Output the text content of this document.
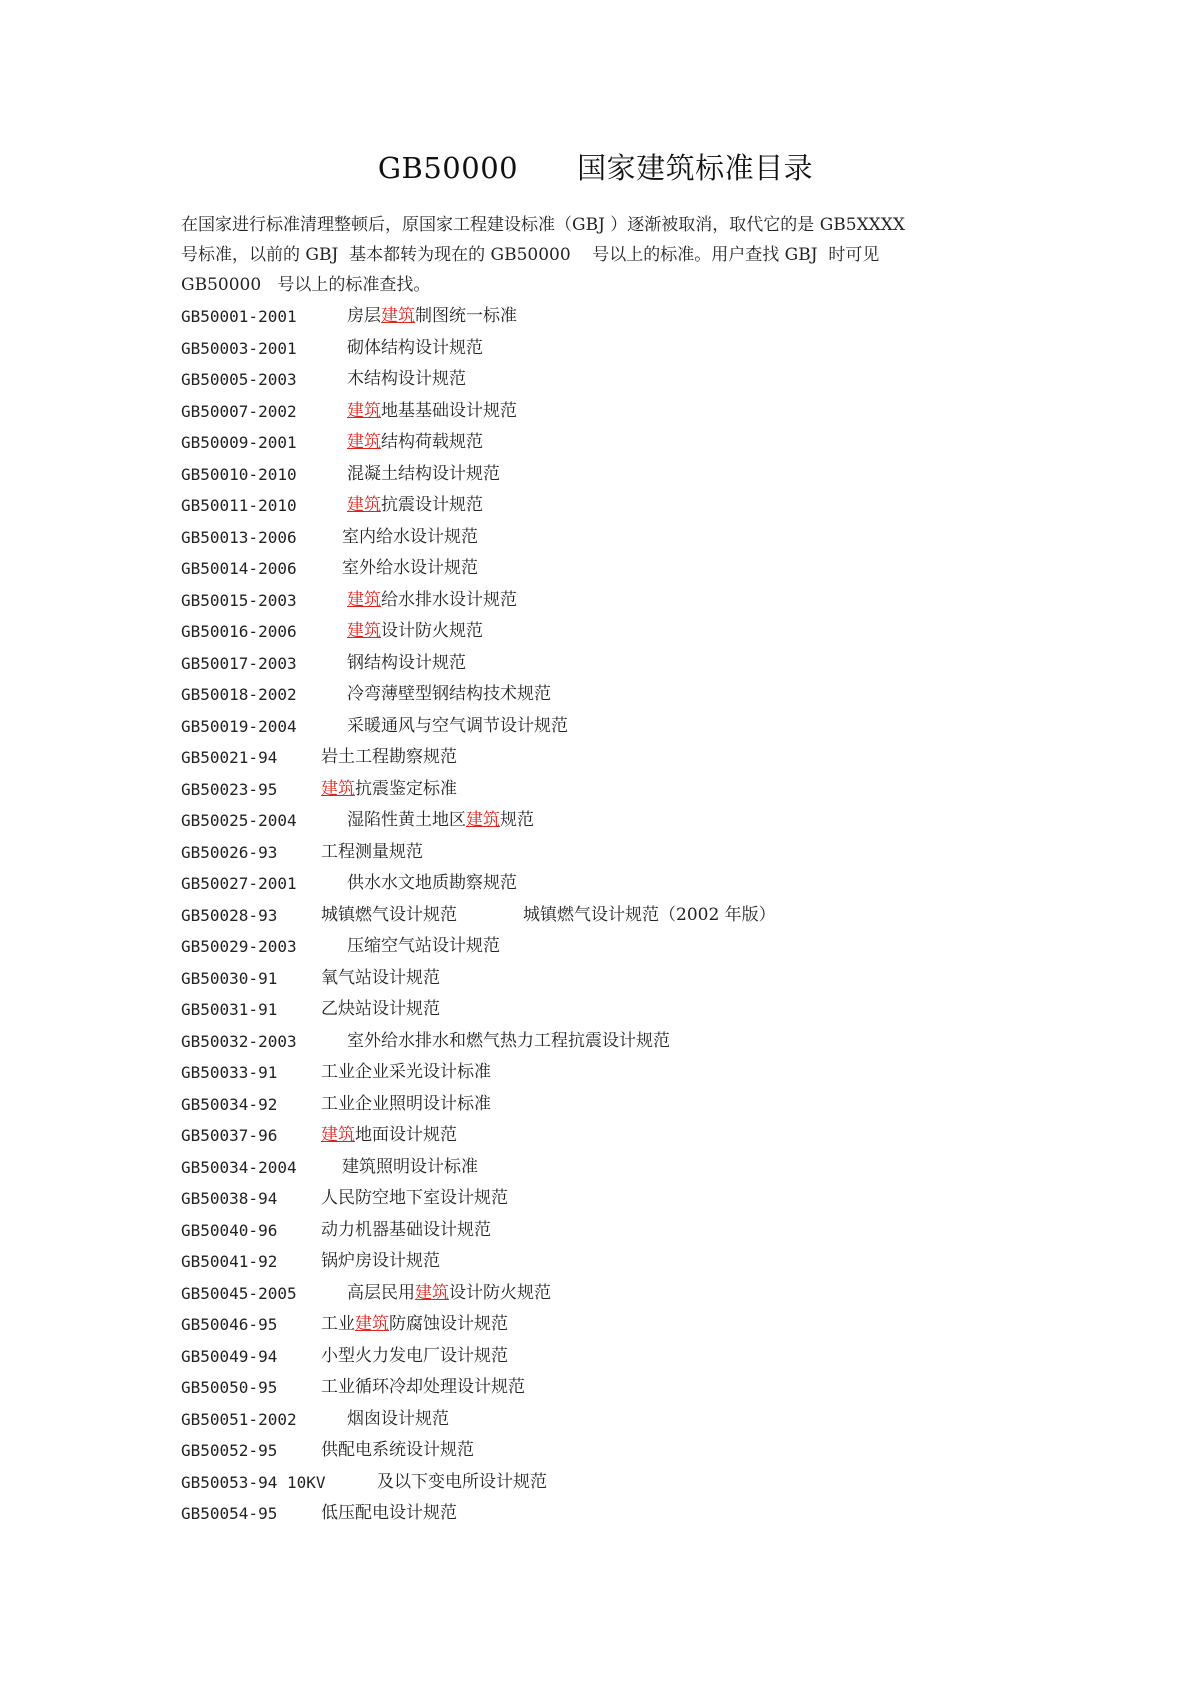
GB50000　　国家建筑标准目录
在国家进行标准清理整顿后，原国家工程建设标准（GBJ ）逐渐被取消，取代它的是 GB5XXXX
号标准，以前的 GBJ  基本都转为现在的 GB50000    号以上的标准。用户查找 GBJ  时可见
GB50000   号以上的标准查找。
GB50001-2001	房层建筑制图统一标准
GB50003-2001	砌体结构设计规范
GB50005-2003	木结构设计规范
GB50007-2002	建筑地基基础设计规范
GB50009-2001	建筑结构荷载规范
GB50010-2010	混凝土结构设计规范
GB50011-2010	建筑抗震设计规范
GB50013-2006	室内给水设计规范
GB50014-2006	室外给水设计规范
GB50015-2003	建筑给水排水设计规范
GB50016-2006	建筑设计防火规范
GB50017-2003	钢结构设计规范
GB50018-2002	冷弯薄壁型钢结构技术规范
GB50019-2004	采暖通风与空气调节设计规范
GB50021-94	岩土工程勘察规范
GB50023-95	建筑抗震鉴定标准
GB50025-2004	湿陷性黄土地区建筑规范
GB50026-93	工程测量规范
GB50027-2001	供水水文地质勘察规范
GB50028-93	城镇燃气设计规范	城镇燃气设计规范（2002 年版）
GB50029-2003	压缩空气站设计规范
GB50030-91	氧气站设计规范
GB50031-91	乙炔站设计规范
GB50032-2003	室外给水排水和燃气热力工程抗震设计规范
GB50033-91	工业企业采光设计标准
GB50034-92	工业企业照明设计标准
GB50037-96	建筑地面设计规范
GB50034-2004	建筑照明设计标准
GB50038-94	人民防空地下室设计规范
GB50040-96	动力机器基础设计规范
GB50041-92	锅炉房设计规范
GB50045-2005	高层民用建筑设计防火规范
GB50046-95	工业建筑防腐蚀设计规范
GB50049-94	小型火力发电厂设计规范
GB50050-95	工业循环冷却处理设计规范
GB50051-2002	烟囱设计规范
GB50052-95	供配电系统设计规范
GB50053-94 10KV	及以下变电所设计规范
GB50054-95	低压配电设计规范
